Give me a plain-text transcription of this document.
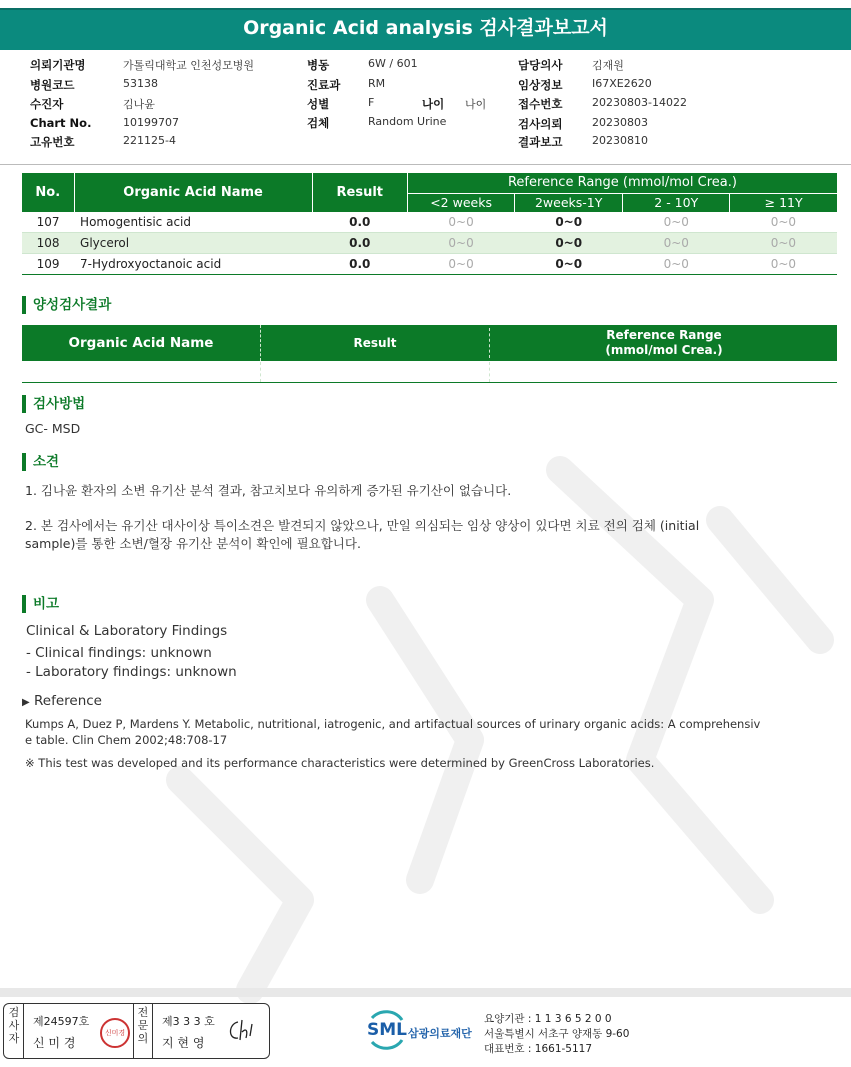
Organic Acid analysis 검사결과보고서
의뢰기관명	가톨릭대학교 인천성모병원
병원코드	53138
수진자	김나윤
Chart No.	10199707
고유번호	221125-4
병동	6W / 601
진료과	RM
성별	F
검체	Random Urine
나이 나이
담당의사	김재원
임상정보	I67XE2620
접수번호	20230803-14022
검사의뢰	20230803
결과보고	20230810
No.	Organic Acid Name	Result	Reference Range (mmol/mol Crea.)			
			<2 weeks	2weeks-1Y	2 - 10Y	≥ 11Y
107	Homogentisic acid	0.0	0~0	0~0	0~0	0~0
108	Glycerol	0.0	0~0	0~0	0~0	0~0
109	7-Hydroxyoctanoic acid	0.0	0~0	0~0	0~0	0~0
양성검사결과
Organic Acid Name	Result
Reference Range
(mmol/mol Crea.)
검사방법
GC- MSD
소견
1. 김나윤 환자의 소변 유기산 분석 결과, 참고치보다 유의하게 증가된 유기산이 없습니다.
2. 본 검사에서는 유기산 대사이상 특이소견은 발견되지 않았으나, 만일 의심되는 임상 양상이 있다면 치료 전의 검체 (initial
sample)를 통한 소변/혈장 유기산 분석이 확인에 필요합니다.
비고
Clinical & Laboratory Findings
- Clinical findings: unknown
- Laboratory findings: unknown
▶ Reference
Kumps A, Duez P, Mardens Y. Metabolic, nutritional, iatrogenic, and artifactual sources of urinary organic acids: A comprehensiv
e table. Clin Chem 2002;48:708-17
※ This test was developed and its performance characteristics were determined by GreenCross Laboratories.
검
사
자
제24597호
신 미 경
신미경
전
문
의
제3 3 3 호
지 현 영
SML 삼광의료재단
요양기관 : 1 1 3 6 5 2 0 0
서울특별시 서초구 양재동 9-60
대표번호 : 1661-5117
